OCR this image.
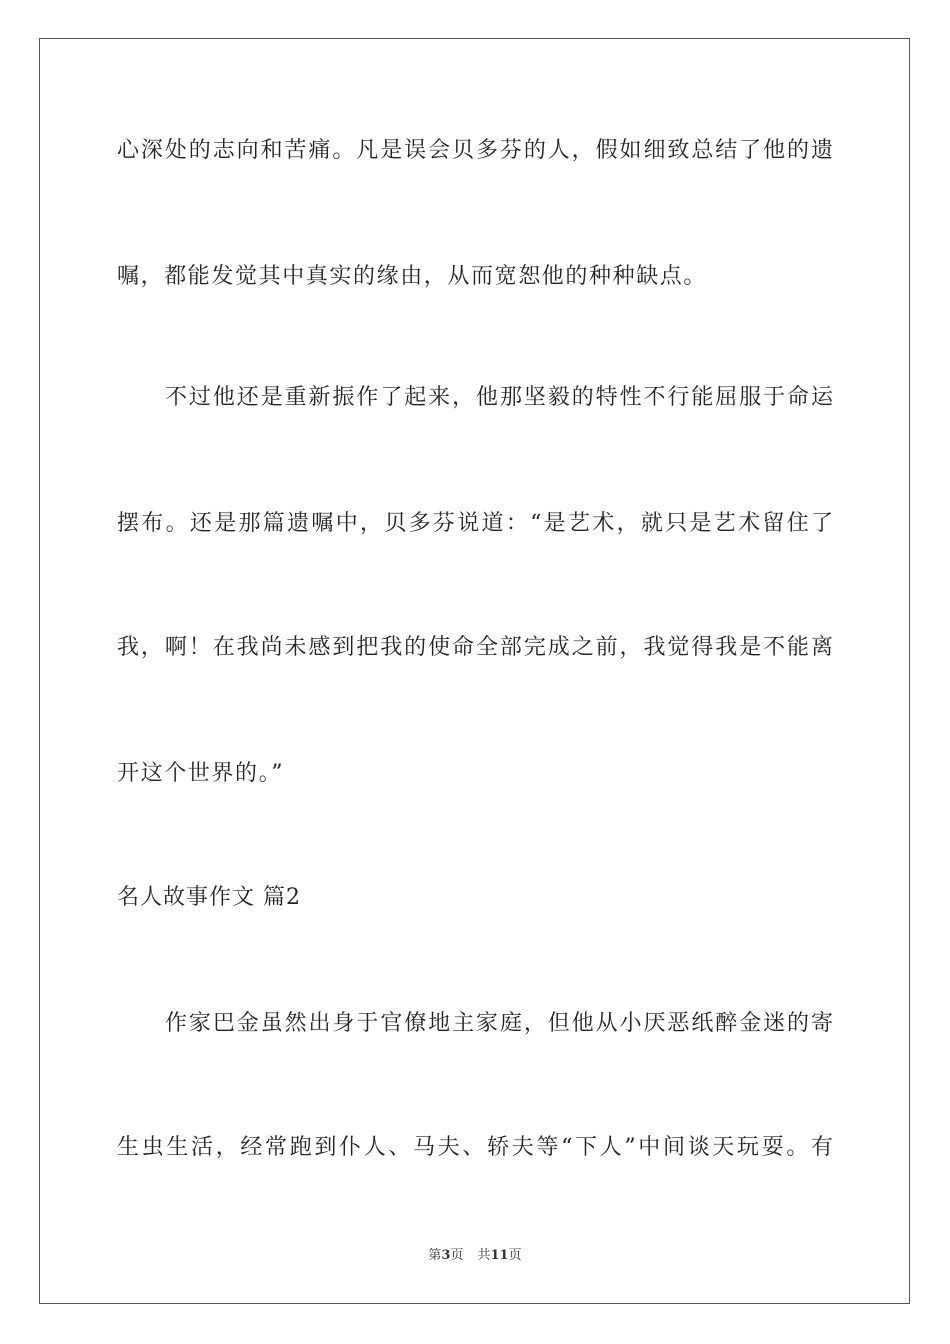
心深处的志向和苦痛。凡是误会贝多芬的人，假如细致总结了他的遗
嘱，都能发觉其中真实的缘由，从而宽恕他的种种缺点。
不过他还是重新振作了起来，他那坚毅的特性不行能屈服于命运
摆布。还是那篇遗嘱中，贝多芬说道：“是艺术，就只是艺术留住了
我，啊！在我尚未感到把我的使命全部完成之前，我觉得我是不能离
开这个世界的。”
名人故事作文 篇2
作家巴金虽然出身于官僚地主家庭，但他从小厌恶纸醉金迷的寄
生虫生活，经常跑到仆人、马夫、轿夫等“下人”中间谈天玩耍。有
第3页 共11页
